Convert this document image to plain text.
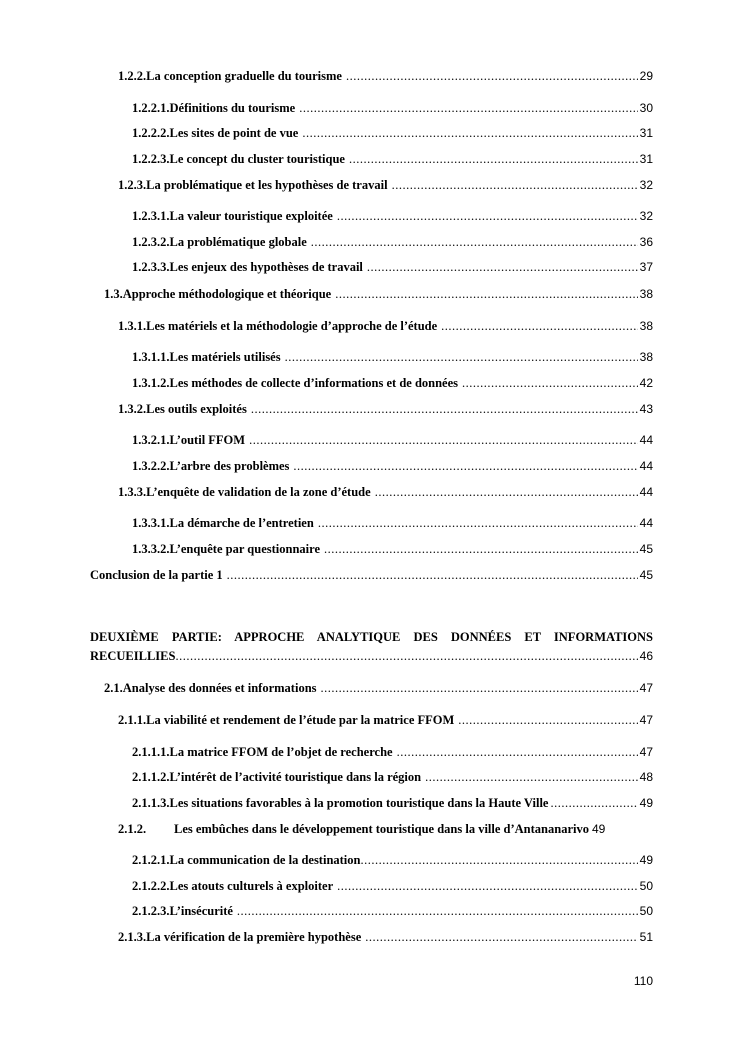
1.2.2. La conception graduelle du tourisme .....	29
1.2.2.1. Définitions du tourisme .....	30
1.2.2.2. Les sites de point de vue .....	31
1.2.2.3. Le concept du cluster touristique .....	31
1.2.3. La problématique et les hypothèses de travail .....	32
1.2.3.1. La valeur touristique exploitée .....	32
1.2.3.2. La problématique globale .....	36
1.2.3.3. Les enjeux des hypothèses de travail .....	37
1.3. Approche méthodologique et théorique .....	38
1.3.1. Les matériels et la méthodologie d’approche de l’étude .....	38
1.3.1.1. Les matériels utilisés .....	38
1.3.1.2. Les méthodes de collecte d’informations et de données .....	42
1.3.2. Les outils exploités .....	43
1.3.2.1. L’outil FFOM .....	44
1.3.2.2. L’arbre des problèmes .....	44
1.3.3. L’enquête de validation de la zone d’étude .....	44
1.3.3.1. La démarche de l’entretien .....	44
1.3.3.2. L’enquête par questionnaire .....	45
Conclusion de la partie 1 .....	45
DEUXIÈME PARTIE: APPROCHE ANALYTIQUE DES DONNÉES ET INFORMATIONS
RECUEILLIES .....	46
2.1. Analyse des données et informations .....	47
2.1.1. La viabilité et rendement de l’étude par la matrice FFOM .....	47
2.1.1.1. La matrice FFOM de l’objet de recherche .....	47
2.1.1.2. L’intérêt de l’activité touristique dans la région .....	48
2.1.1.3. Les situations favorables à la promotion touristique dans la Haute Ville .....	49
2.1.2.	Les embûches dans le développement touristique dans la ville d’Antananarivo 49
2.1.2.1. La communication de la destination .....	49
2.1.2.2. Les atouts culturels à exploiter .....	50
2.1.2.3. L’insécurité .....	50
2.1.3. La vérification de la première hypothèse .....	51
110
